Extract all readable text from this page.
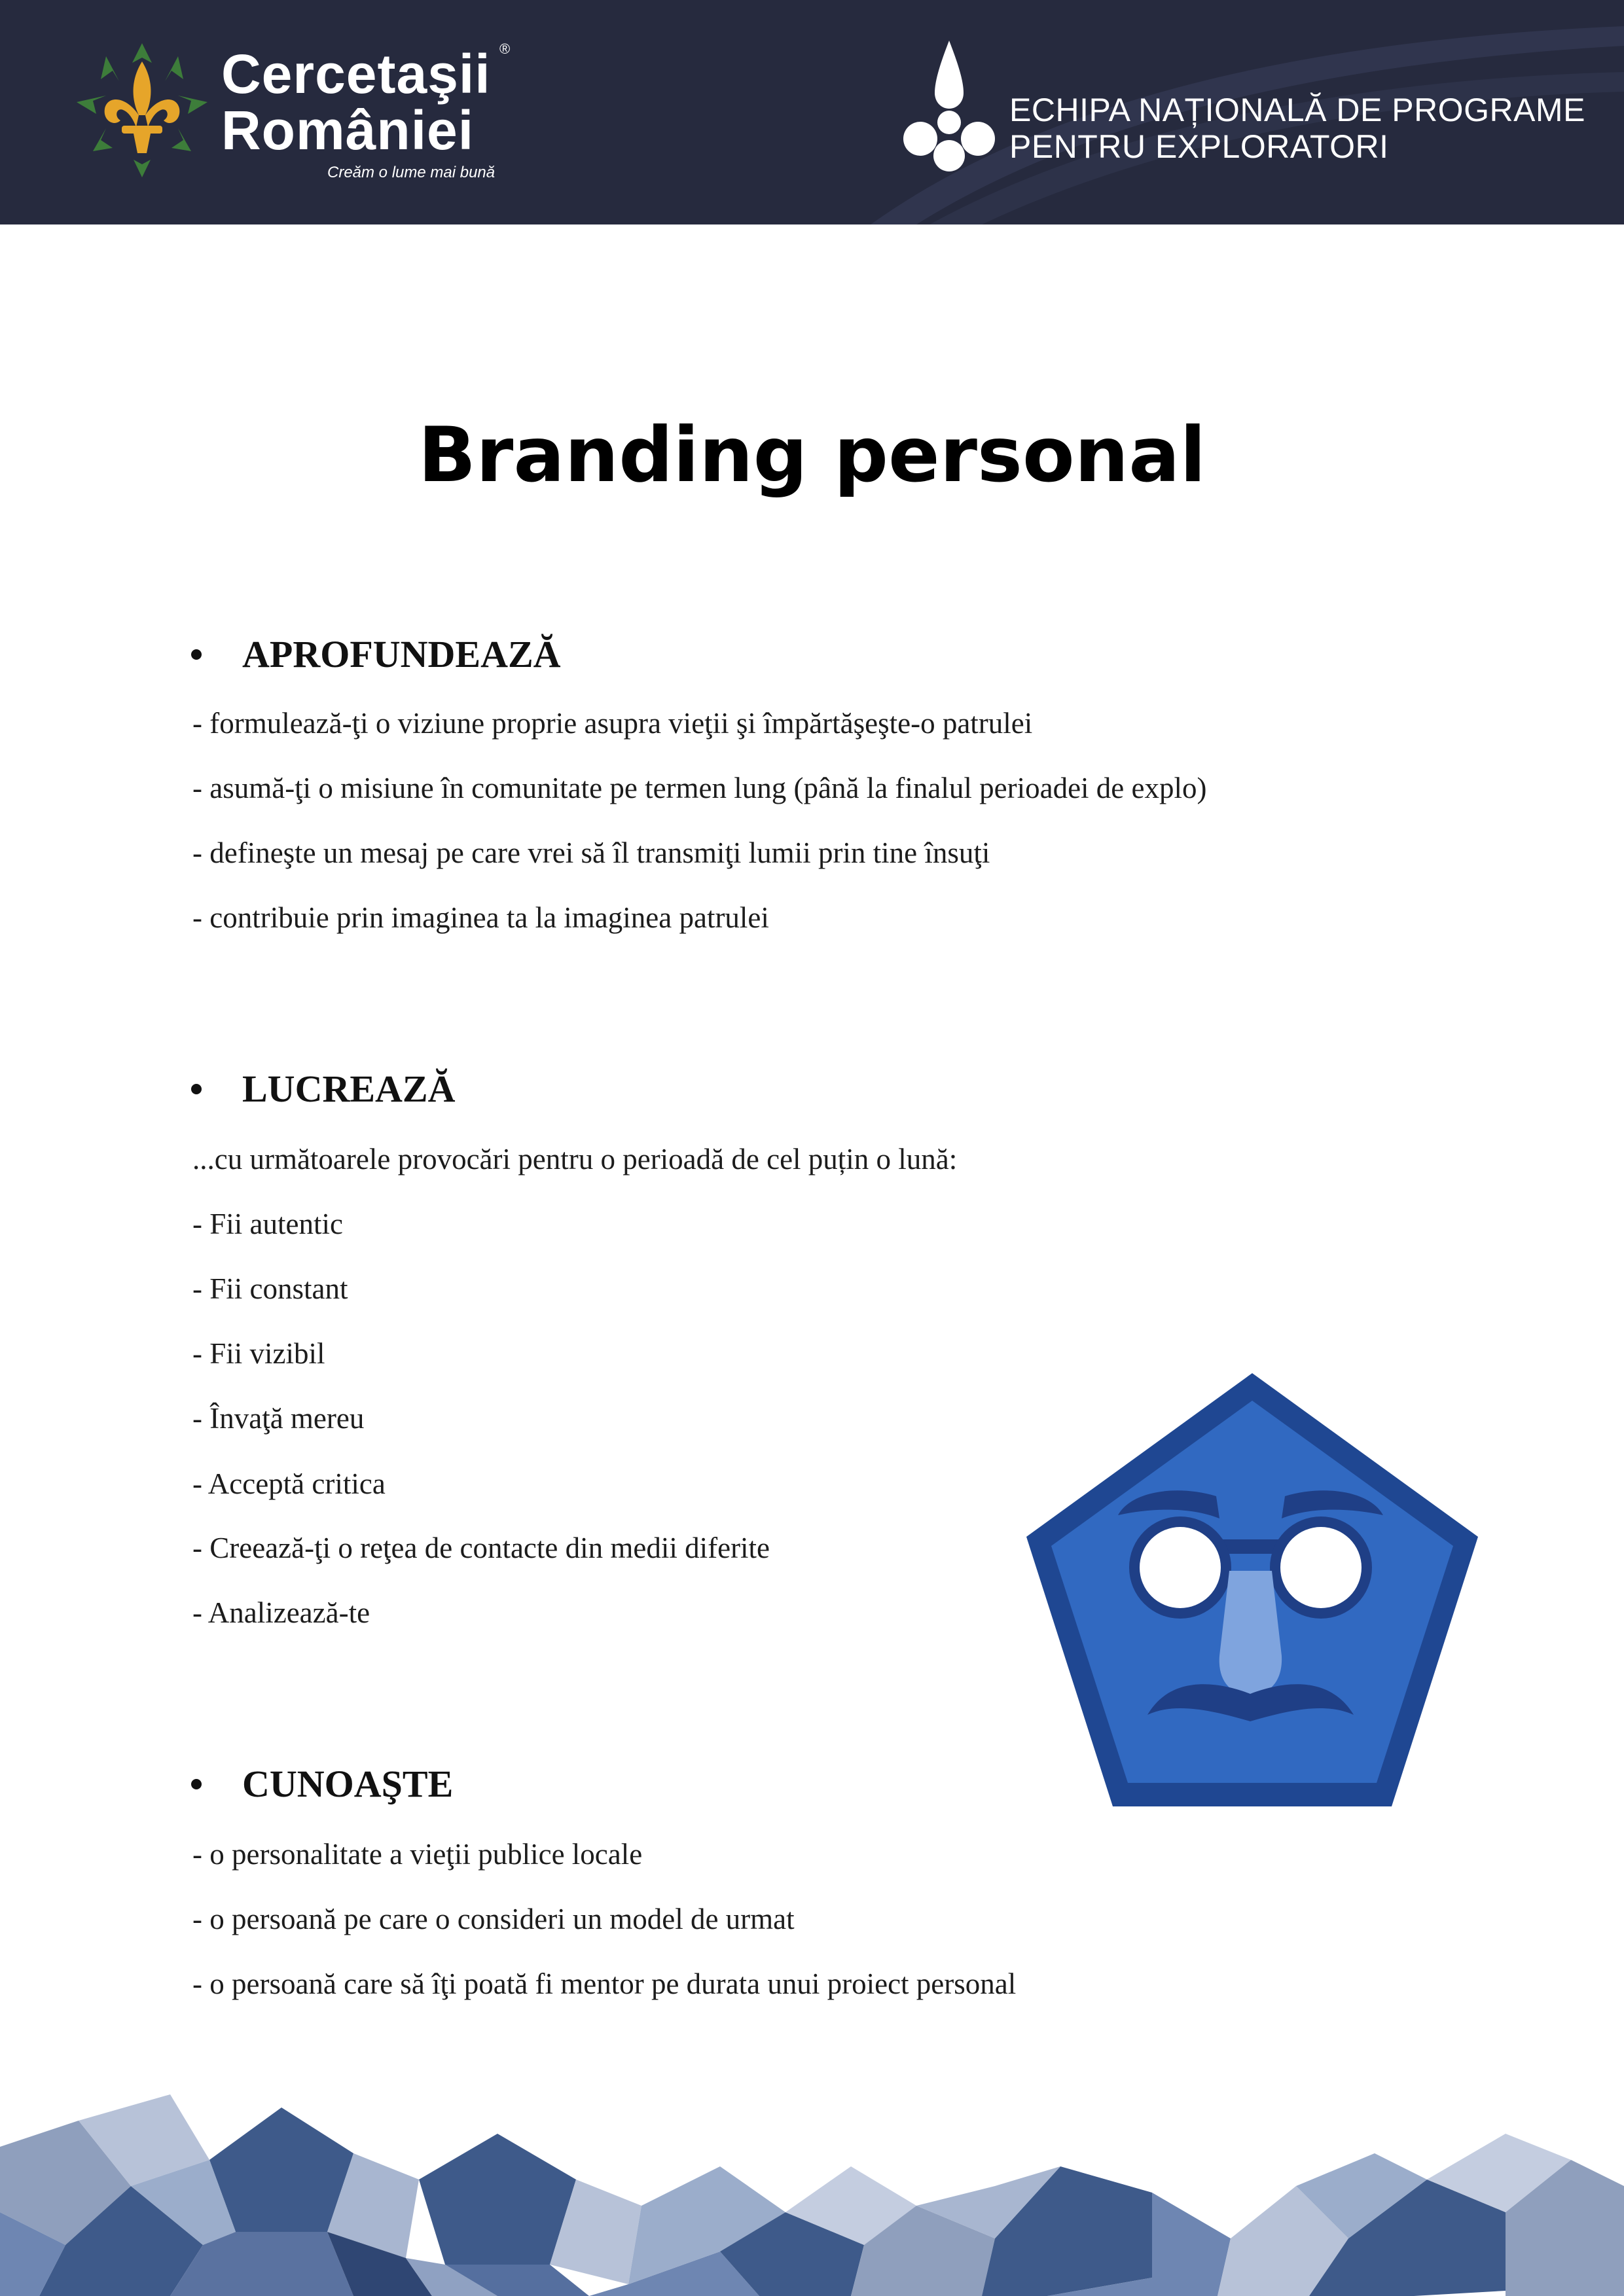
Cercetaşii
României
®
Creăm o lume mai bună
ECHIPA NAȚIONALĂ DE PROGRAME
PENTRU EXPLORATORI
Branding personal
APROFUNDEAZĂ
- formulează-ţi o viziune proprie asupra vieţii şi împărtăşeşte-o patrulei
- asumă-ţi o misiune în comunitate pe termen lung (până la finalul perioadei de explo)
- defineşte un mesaj pe care vrei să îl transmiţi lumii prin tine însuţi
- contribuie prin imaginea ta la imaginea patrulei
LUCREAZĂ
...cu următoarele provocări pentru o perioadă de cel puțin o lună:
- Fii autentic
- Fii constant
- Fii vizibil
- Învaţă mereu
- Acceptă critica
- Creează-ţi o reţea de contacte din medii diferite
- Analizează-te
CUNOAŞTE
- o personalitate a vieţii publice locale
- o persoană pe care o consideri un model de urmat
- o persoană care să îţi poată fi mentor pe durata unui proiect personal
